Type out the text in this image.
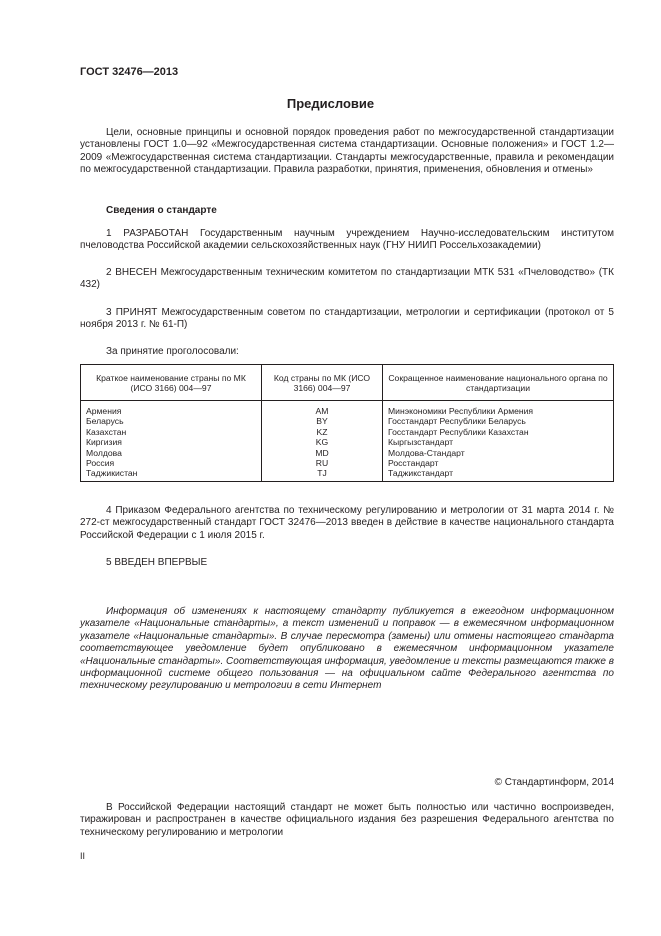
ГОСТ 32476—2013
Предисловие

Цели, основные принципы и основной порядок проведения работ по межгосударственной стандартизации установлены ГОСТ 1.0—92 «Межгосударственная система стандартизации. Основные положения» и ГОСТ 1.2—2009 «Межгосударственная система стандартизации. Стандарты межгосударственные, правила и рекомендации по межгосударственной стандартизации. Правила разработки, принятия, применения, обновления и отмены»

Сведения о стандарте

1 РАЗРАБОТАН Государственным научным учреждением Научно-исследовательским институтом пчеловодства Российской академии сельскохозяйственных наук (ГНУ НИИП Россельхозакадемии)

2 ВНЕСЕН Межгосударственным техническим комитетом по стандартизации МТК 531 «Пчеловодство» (ТК 432)

3 ПРИНЯТ Межгосударственным советом по стандартизации, метрологии и сертификации (протокол от 5 ноября 2013 г. № 61-П)

За принятие проголосовали:
Краткое наименование страны по МК (ИСО 3166) 004—97	Код страны по МК (ИСО 3166) 004—97	Сокращенное наименование национального органа по стандартизации
Армения	AM	Минэкономики Республики Армения
Беларусь	BY	Госстандарт Республики Беларусь
Казахстан	KZ	Госстандарт Республики Казахстан
Киргизия	KG	Кыргызстандарт
Молдова	MD	Молдова-Стандарт
Россия	RU	Росстандарт
Таджикистан	TJ	Таджикстандарт

4 Приказом Федерального агентства по техническому регулированию и метрологии от 31 марта 2014 г. № 272-ст межгосударственный стандарт ГОСТ 32476—2013 введен в действие в качестве национального стандарта Российской Федерации с 1 июля 2015 г.

5 ВВЕДЕН ВПЕРВЫЕ

Информация об изменениях к настоящему стандарту публикуется в ежегодном информационном указателе «Национальные стандарты», а текст изменений и поправок — в ежемесячном информационном указателе «Национальные стандарты». В случае пересмотра (замены) или отмены настоящего стандарта соответствующее уведомление будет опубликовано в ежемесячном информационном указателе «Национальные стандарты». Соответствующая информация, уведомление и тексты размещаются также в информационной системе общего пользования — на официальном сайте Федерального агентства по техническому регулированию и метрологии в сети Интернет

© Стандартинформ, 2014

В Российской Федерации настоящий стандарт не может быть полностью или частично воспроизведен, тиражирован и распространен в качестве официального издания без разрешения Федерального агентства по техническому регулированию и метрологии

II
